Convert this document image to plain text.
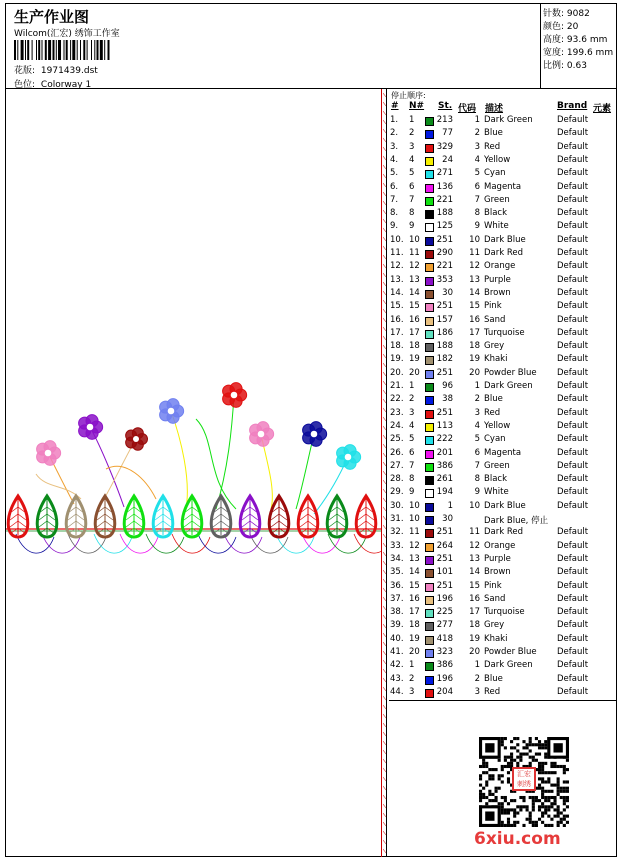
生产作业图
Wilcom(汇宏) 绣饰工作室
花版: 1971439.dst
色位: Colorway 1
针数: 9082
颜色: 20
高度: 93.6 mm
宽度: 199.6 mm
比例: 0.63
停止顺序:
# N# St. 代码 描述	Brand 元素
1. 1	213	1 Dark Green	Default
2. 2	77	2 Blue	Default
3. 3	329	3 Red	Default
4. 4	24	4 Yellow	Default
5. 5	271	5 Cyan	Default
6. 6	136	6 Magenta	Default
7. 7	221	7 Green	Default
8. 8	188	8 Black	Default
9. 9	125	9 White	Default
10. 10 251	10 Dark Blue	Default
11. 11 290	11 Dark Red	Default
12. 12 221	12 Orange	Default
13. 13 353	13 Purple	Default
14. 14	30	14 Brown	Default
15. 15 251	15 Pink	Default
16. 16 157	16 Sand	Default
17. 17 186	17 Turquoise	Default
18. 18 188	18 Grey	Default
19. 19 182	19 Khaki	Default
20. 20 251	20 Powder Blue Default
21. 1	96	1 Dark Green	Default
22. 2	38	2 Blue	Default
23. 3	251	3 Red	Default
24. 4	113	4 Yellow	Default
25. 5	222	5 Cyan	Default
26. 6	201	6 Magenta	Default
27. 7	386	7 Green	Default
28. 8	261	8 Black	Default
29. 9	194	9 White	Default
30. 10	1	10 Dark Blue	Default
31. 10	30	Dark Blue, 停止
32. 11 251	11 Dark Red	Default
33. 12 264	12 Orange	Default
34. 13 251	13 Purple	Default
35. 14 101	14 Brown	Default
36. 15 251	15 Pink	Default
37. 16 196	16 Sand	Default
38. 17 225	17 Turquoise	Default
39. 18 277	18 Grey	Default
40. 19 418	19 Khaki	Default
41. 20 323	20 Powder Blue Default
42. 1	386	1 Dark Green	Default
43. 2	196	2 Blue	Default
44. 3	204	3 Red	Default
汇宏
刺绣
6xiu.com
